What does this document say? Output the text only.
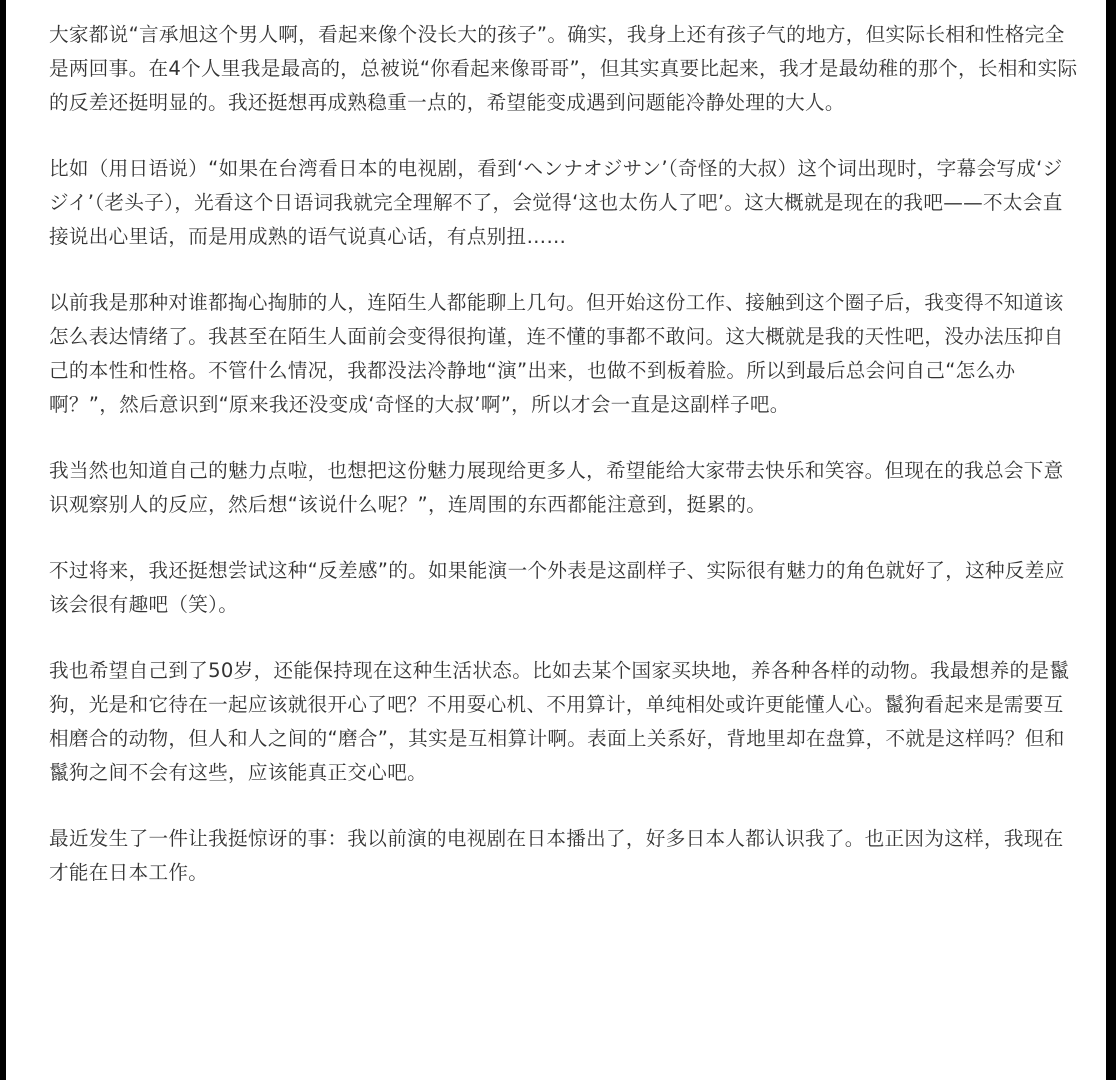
大家都说“言承旭这个男人啊，看起来像个没长大的孩子”。确实，我身上还有孩子气的地方，但实际长相和性格完全是两回事。在4个人里我是最高的，总被说“你看起来像哥哥”，但其实真要比起来，我才是最幼稚的那个，长相和实际的反差还挺明显的。我还挺想再成熟稳重一点的，希望能变成遇到问题能冷静处理的大人。

比如（用日语说）“如果在台湾看日本的电视剧，看到‘ヘンナオジサン’（奇怪的大叔）这个词出现时，字幕会写成‘ジジイ’（老头子），光看这个日语词我就完全理解不了，会觉得‘这也太伤人了吧’。这大概就是现在的我吧——不太会直接说出心里话，而是用成熟的语气说真心话，有点别扭……

以前我是那种对谁都掏心掏肺的人，连陌生人都能聊上几句。但开始这份工作、接触到这个圈子后，我变得不知道该怎么表达情绪了。我甚至在陌生人面前会变得很拘谨，连不懂的事都不敢问。这大概就是我的天性吧，没办法压抑自己的本性和性格。不管什么情况，我都没法冷静地“演”出来，也做不到板着脸。所以到最后总会问自己“怎么办啊？”，然后意识到“原来我还没变成‘奇怪的大叔’啊”，所以才会一直是这副样子吧。

我当然也知道自己的魅力点啦，也想把这份魅力展现给更多人，希望能给大家带去快乐和笑容。但现在的我总会下意识观察别人的反应，然后想“该说什么呢？”，连周围的东西都能注意到，挺累的。

不过将来，我还挺想尝试这种“反差感”的。如果能演一个外表是这副样子、实际很有魅力的角色就好了，这种反差应该会很有趣吧（笑）。

我也希望自己到了50岁，还能保持现在这种生活状态。比如去某个国家买块地，养各种各样的动物。我最想养的是鬣狗，光是和它待在一起应该就很开心了吧？不用耍心机、不用算计，单纯相处或许更能懂人心。鬣狗看起来是需要互相磨合的动物，但人和人之间的“磨合”，其实是互相算计啊。表面上关系好，背地里却在盘算，不就是这样吗？但和鬣狗之间不会有这些，应该能真正交心吧。

最近发生了一件让我挺惊讶的事：我以前演的电视剧在日本播出了，好多日本人都认识我了。也正因为这样，我现在才能在日本工作。
